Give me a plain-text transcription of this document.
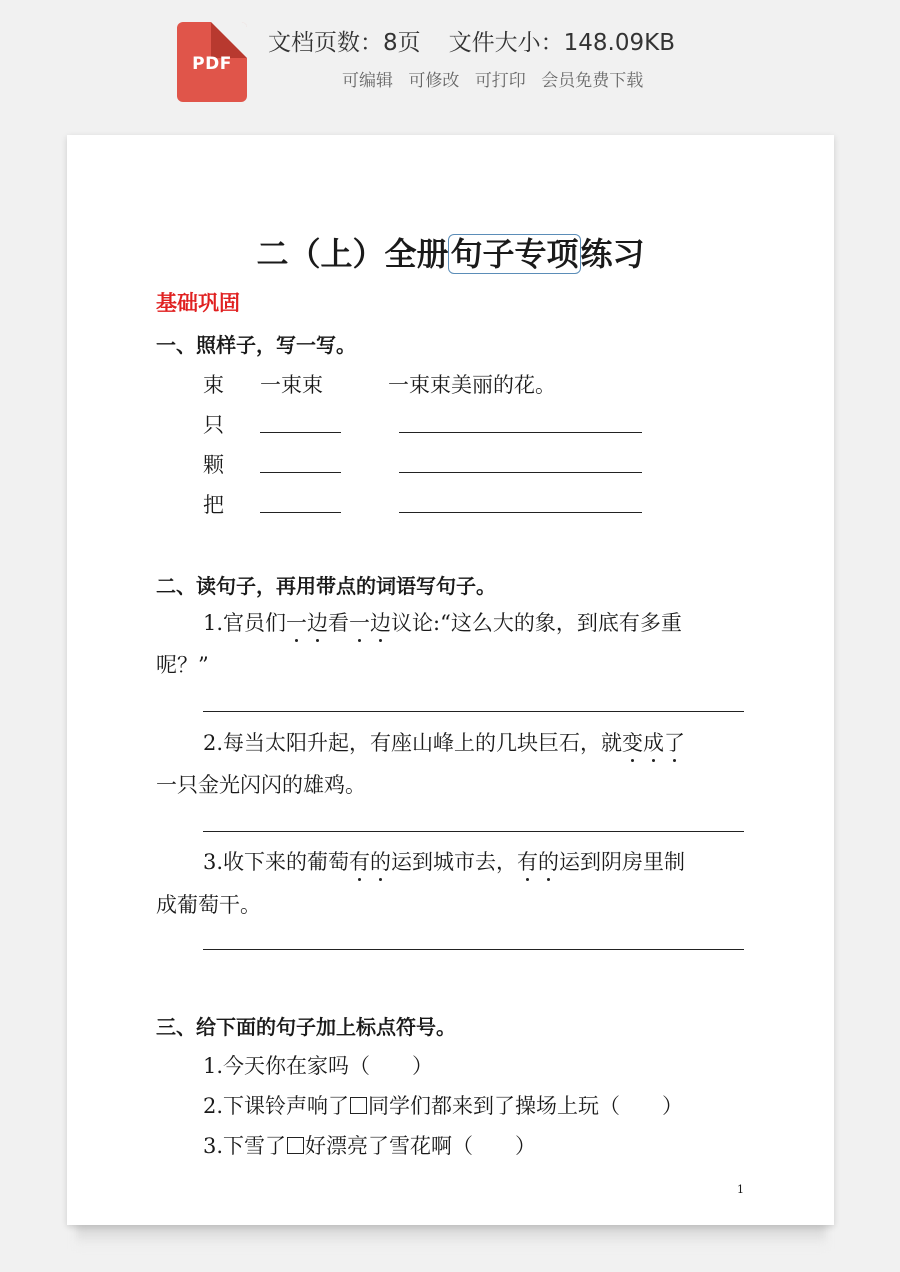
PDF
文档页数：8页 文件大小：148.09KB
可编辑 可修改 可打印 会员免费下载
二（上）全册句子专项练习
基础巩固
一、照样子，写一写。
束 一束束	一束束美丽的花。
只
颗
把
二、读句子，再用带点的词语写句子。
1.官员们一边看一边议论:“这么大的象，到底有多重
呢？”
2.每当太阳升起，有座山峰上的几块巨石，就变成了
一只金光闪闪的雄鸡。
3.收下来的葡萄有的运到城市去，有的运到阴房里制
成葡萄干。
三、给下面的句子加上标点符号。
1.今天你在家吗（　　）
2.下课铃声响了 同学们都来到了操场上玩（　　）
3.下雪了 好漂亮了雪花啊（　　）
1
